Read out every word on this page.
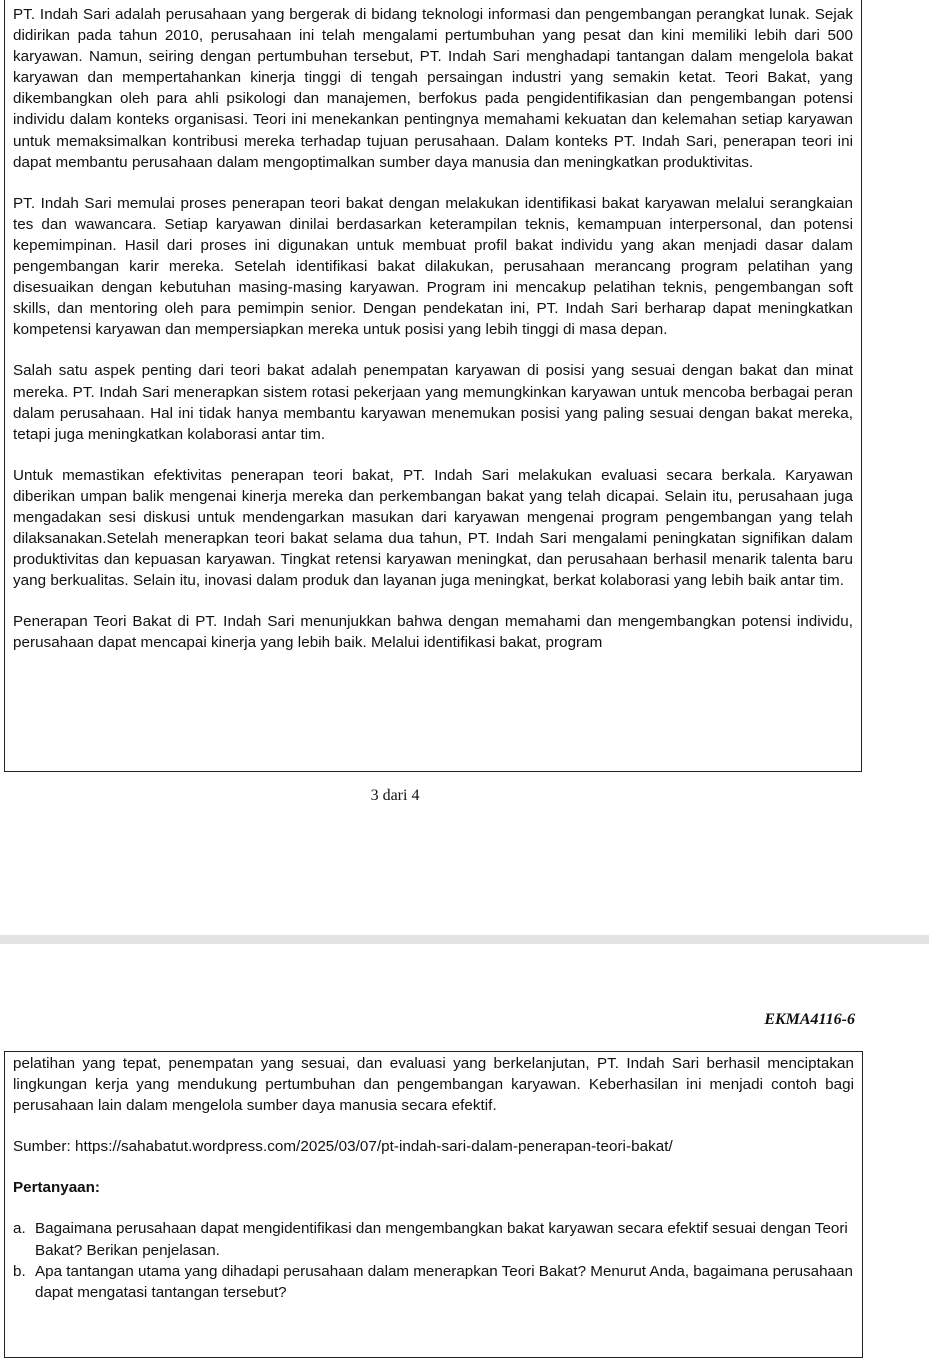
PT. Indah Sari adalah perusahaan yang bergerak di bidang teknologi informasi dan pengembangan perangkat lunak. Sejak didirikan pada tahun 2010, perusahaan ini telah mengalami pertumbuhan yang pesat dan kini memiliki lebih dari 500 karyawan. Namun, seiring dengan pertumbuhan tersebut, PT. Indah Sari menghadapi tantangan dalam mengelola bakat karyawan dan mempertahankan kinerja tinggi di tengah persaingan industri yang semakin ketat. Teori Bakat, yang dikembangkan oleh para ahli psikologi dan manajemen, berfokus pada pengidentifikasian dan pengembangan potensi individu dalam konteks organisasi. Teori ini menekankan pentingnya memahami kekuatan dan kelemahan setiap karyawan untuk memaksimalkan kontribusi mereka terhadap tujuan perusahaan. Dalam konteks PT. Indah Sari, penerapan teori ini dapat membantu perusahaan dalam mengoptimalkan sumber daya manusia dan meningkatkan produktivitas.

PT. Indah Sari memulai proses penerapan teori bakat dengan melakukan identifikasi bakat karyawan melalui serangkaian tes dan wawancara. Setiap karyawan dinilai berdasarkan keterampilan teknis, kemampuan interpersonal, dan potensi kepemimpinan. Hasil dari proses ini digunakan untuk membuat profil bakat individu yang akan menjadi dasar dalam pengembangan karir mereka. Setelah identifikasi bakat dilakukan, perusahaan merancang program pelatihan yang disesuaikan dengan kebutuhan masing-masing karyawan. Program ini mencakup pelatihan teknis, pengembangan soft skills, dan mentoring oleh para pemimpin senior. Dengan pendekatan ini, PT. Indah Sari berharap dapat meningkatkan kompetensi karyawan dan mempersiapkan mereka untuk posisi yang lebih tinggi di masa depan.

Salah satu aspek penting dari teori bakat adalah penempatan karyawan di posisi yang sesuai dengan bakat dan minat mereka. PT. Indah Sari menerapkan sistem rotasi pekerjaan yang memungkinkan karyawan untuk mencoba berbagai peran dalam perusahaan. Hal ini tidak hanya membantu karyawan menemukan posisi yang paling sesuai dengan bakat mereka, tetapi juga meningkatkan kolaborasi antar tim.

Untuk memastikan efektivitas penerapan teori bakat, PT. Indah Sari melakukan evaluasi secara berkala. Karyawan diberikan umpan balik mengenai kinerja mereka dan perkembangan bakat yang telah dicapai. Selain itu, perusahaan juga mengadakan sesi diskusi untuk mendengarkan masukan dari karyawan mengenai program pengembangan yang telah dilaksanakan.Setelah menerapkan teori bakat selama dua tahun, PT. Indah Sari mengalami peningkatan signifikan dalam produktivitas dan kepuasan karyawan. Tingkat retensi karyawan meningkat, dan perusahaan berhasil menarik talenta baru yang berkualitas. Selain itu, inovasi dalam produk dan layanan juga meningkat, berkat kolaborasi yang lebih baik antar tim.

Penerapan Teori Bakat di PT. Indah Sari menunjukkan bahwa dengan memahami dan mengembangkan potensi individu, perusahaan dapat mencapai kinerja yang lebih baik. Melalui identifikasi bakat, program

3 dari 4
EKMA4116-6

pelatihan yang tepat, penempatan yang sesuai, dan evaluasi yang berkelanjutan, PT. Indah Sari berhasil menciptakan lingkungan kerja yang mendukung pertumbuhan dan pengembangan karyawan. Keberhasilan ini menjadi contoh bagi perusahaan lain dalam mengelola sumber daya manusia secara efektif.

Sumber: https://sahabatut.wordpress.com/2025/03/07/pt-indah-sari-dalam-penerapan-teori-bakat/

Pertanyaan:

a. Bagaimana perusahaan dapat mengidentifikasi dan mengembangkan bakat karyawan secara efektif sesuai dengan Teori Bakat? Berikan penjelasan.
b. Apa tantangan utama yang dihadapi perusahaan dalam menerapkan Teori Bakat? Menurut Anda, bagaimana perusahaan dapat mengatasi tantangan tersebut?
